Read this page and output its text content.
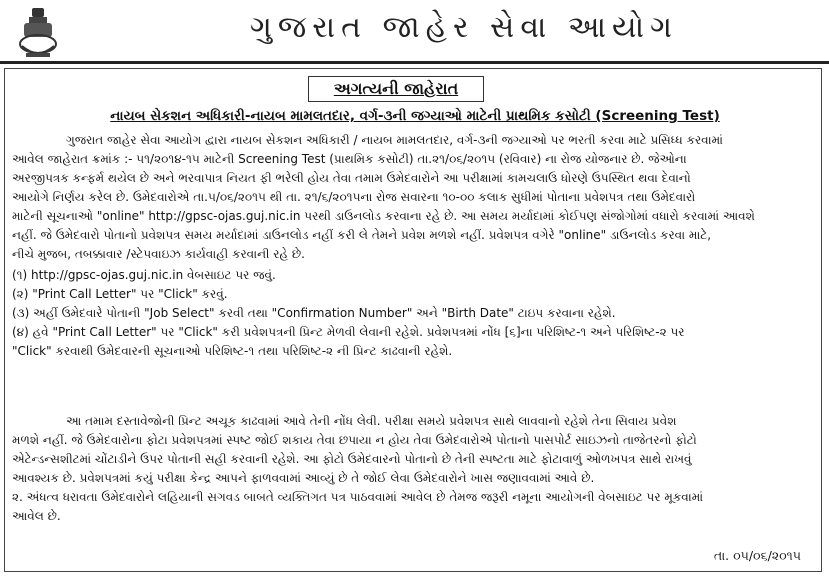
ગુજરાત જાહેર સેવા આયોગ
અગત્યની જાહેરાત
નાયબ સેકશન અધિકારી-નાયબ મામલતદાર, વર્ગ-૩ની જગ્યાઓ માટેની પ્રાથમિક કસોટી (Screening Test)

ગુજરાત જાહેર સેવા આયોગ દ્વારા નાયબ સેકશન અધિકારી / નાયબ મામલતદાર, વર્ગ-૩ની જગ્યાઓ પર ભરતી કરવા માટે પ્રસિધ્ધ કરવામાં

આવેલ જાહેરાત ક્રમાંક :- ૫૧/૨૦૧૪-૧૫ માટેની Screening Test (પ્રાથમિક કસોટી) તા.૨૧/૦૬/૨૦૧૫ (રવિવાર) ના રોજ યોજનાર છે. જેઓના

અરજીપત્રક કન્ફર્મ થયેલ છે અને ભરવાપાત્ર નિયત ફી ભરેલી હોય તેવા તમામ ઉમેદવારોને આ પરીક્ષામાં કામચલાઉ ધોરણે ઉપસ્થિત થવા દેવાનો

આયોગે નિર્ણય કરેલ છે. ઉમેદવારોએ તા.૫/૦૬/૨૦૧૫ થી તા. ૨૧/૬/૨૦૧૫ના રોજ સવારના ૧૦-૦૦ કલાક સુધીમાં પોતાના પ્રવેશપત્ર તથા ઉમેદવારો

માટેની સૂચનાઓ "online" http://gpsc-ojas.guj.nic.in પરથી ડાઉનલોડ કરવાના રહે છે. આ સમય મર્યાદામાં કોઈપણ સંજોગોમાં વધારો કરવામાં આવશે

નહીં. જે ઉમેદવારો પોતાનો પ્રવેશપત્ર સમય મર્યાદામાં ડાઉનલોડ નહીં કરી લે તેમને પ્રવેશ મળશે નહીં. પ્રવેશપત્ર વગેરે "online" ડાઉનલોડ કરવા માટે,

નીચે મુજબ, તબક્કાવાર /સ્ટેપવાઇઝ કાર્યવાહી કરવાની રહે છે.

(૧) http://gpsc-ojas.guj.nic.in વેબસાઇટ પર જવું.

(૨) "Print Call Letter" પર "Click" કરવું.

(૩) અહીં ઉમેદવારે પોતાની "Job Select" કરવી તથા "Confirmation Number" અને "Birth Date" ટાઇપ કરવાના રહેશે.

(૪) હવે "Print Call Letter" પર "Click" કરી પ્રવેશપત્રની પ્રિન્ટ મેળવી લેવાની રહેશે. પ્રવેશપત્રમાં નોંધ [૬]ના પરિશિષ્ટ-૧ અને પરિશિષ્ટ-૨ પર

"Click" કરવાથી ઉમેદવારની સૂચનાઓ પરિશિષ્ટ-૧ તથા પરિશિષ્ટ-૨ ની પ્રિન્ટ કાઢવાની રહેશે.

આ તમામ દસ્તાવેજોની પ્રિન્ટ અચૂક કાઢવામાં આવે તેની નોંધ લેવી. પરીક્ષા સમયે પ્રવેશપત્ર સાથે લાવવાનો રહેશે તેના સિવાય પ્રવેશ

મળશે નહીં. જે ઉમેદવારોના ફોટા પ્રવેશપત્રમાં સ્પષ્ટ જોઈ શકાય તેવા છપાયા ન હોય તેવા ઉમેદવારોએ પોતાનો પાસપોર્ટ સાઇઝનો તાજેતરનો ફોટો

એટેન્ડન્સશીટમાં ચોંટાડીને ઉપર પોતાની સહી કરવાની રહેશે. આ ફોટો ઉમેદવારનો પોતાનો છે તેની સ્પષ્ટતા માટે ફોટાવાળું ઓળખપત્ર સાથે રાખવું

આવશ્યક છે. પ્રવેશપત્રમાં કયું પરીક્ષા કેન્દ્ર આપને ફાળવવામાં આવ્યું છે તે જોઈ લેવા ઉમેદવારોને ખાસ જણાવવામાં આવે છે.

૨. અંધત્વ ધરાવતા ઉમેદવારોને લહિયાની સગવડ બાબતે વ્યક્તિગત પત્ર પાઠવવામાં આવેલ છે તેમજ જરૂરી નમૂના આયોગની વેબસાઇટ પર મૂકવામાં

આવેલ છે.

તા. ૦૫/૦૬/૨૦૧૫
